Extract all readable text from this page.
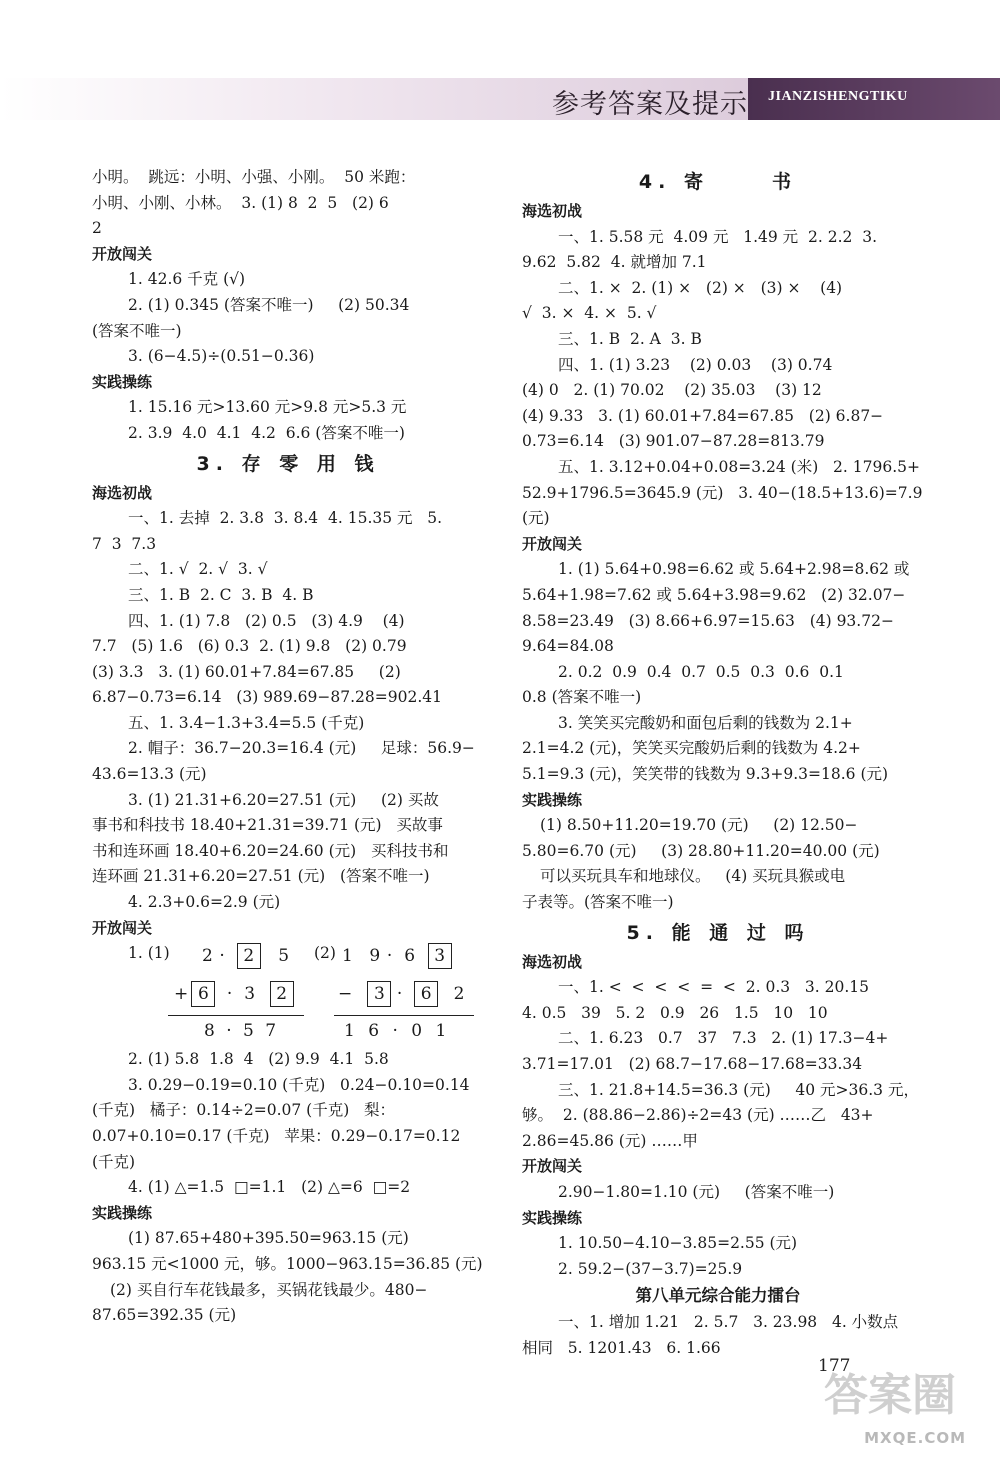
参考答案及提示 JIANZISHENGTIKU

小明。  跳远：小明、小强、小刚。  50 米跑：

小明、小刚、小林。  3. (1) 8  2  5   (2) 6

2

开放闯关

1. 42.6 千克 (√)

2. (1) 0.345 (答案不唯一)     (2) 50.34

(答案不唯一)

3. (6−4.5)÷(0.51−0.36)

实践操练

1. 15.16 元>13.60 元>9.8 元>5.3 元

2. 3.9  4.0  4.1  4.2  6.6 (答案不唯一)

3. 存 零 用 钱

海选初战

一、1. 去掉  2. 3.8  3. 8.4  4. 15.35 元   5.

7  3  7.3

二、1. √  2. √  3. √

三、1. B  2. C  3. B  4. B

四、1. (1) 7.8   (2) 0.5   (3) 4.9    (4)

7.7   (5) 1.6   (6) 0.3  2. (1) 9.8   (2) 0.79

(3) 3.3   3. (1) 60.01+7.84=67.85     (2)

6.87−0.73=6.14   (3) 989.69−87.28=902.41

五、1. 3.4−1.3+3.4=5.5 (千克)

2. 帽子：36.7−20.3=16.4 (元)     足球：56.9−

43.6=13.3 (元)

3. (1) 21.31+6.20=27.51 (元)     (2) 买故

事书和科技书 18.40+21.31=39.71 (元)   买故事

书和连环画 18.40+6.20=24.60 (元)   买科技书和

连环画 21.31+6.20=27.51 (元)   (答案不唯一)

4. 2.3+0.6=2.9 (元)

开放闯关

1. (1) 2 · 2 5
+ 6 · 3 2
8 · 5 7
(2) 1 9 · 6 3
− 3 · 6 2
1 6 · 0 1

2. (1) 5.8  1.8  4   (2) 9.9  4.1  5.8

3. 0.29−0.19=0.10 (千克)   0.24−0.10=0.14

(千克)   橘子：0.14÷2=0.07 (千克)   梨：

0.07+0.10=0.17 (千克)   苹果：0.29−0.17=0.12

(千克)

4. (1) △=1.5  □=1.1   (2) △=6  □=2

实践操练

(1) 87.65+480+395.50=963.15 (元)

963.15 元<1000 元，够。1000−963.15=36.85 (元)

(2) 买自行车花钱最多，买锅花钱最少。480−

87.65=392.35 (元)

4. 寄     书

海选初战

一、1. 5.58 元  4.09 元   1.49 元  2. 2.2  3.

9.62  5.82  4. 就增加 7.1

二、1. ×  2. (1) ×   (2) ×   (3) ×    (4)

√  3. ×  4. ×  5. √

三、1. B  2. A  3. B

四、1. (1) 3.23    (2) 0.03    (3) 0.74

(4) 0   2. (1) 70.02    (2) 35.03    (3) 12

(4) 9.33   3. (1) 60.01+7.84=67.85   (2) 6.87−

0.73=6.14   (3) 901.07−87.28=813.79

五、1. 3.12+0.04+0.08=3.24 (米)   2. 1796.5+

52.9+1796.5=3645.9 (元)   3. 40−(18.5+13.6)=7.9

(元)

开放闯关

1. (1) 5.64+0.98=6.62 或 5.64+2.98=8.62 或

5.64+1.98=7.62 或 5.64+3.98=9.62   (2) 32.07−

8.58=23.49   (3) 8.66+6.97=15.63   (4) 93.72−

9.64=84.08

2. 0.2  0.9  0.4  0.7  0.5  0.3  0.6  0.1

0.8 (答案不唯一)

3. 笑笑买完酸奶和面包后剩的钱数为 2.1+

2.1=4.2 (元)，笑笑买完酸奶后剩的钱数为 4.2+

5.1=9.3 (元)，笑笑带的钱数为 9.3+9.3=18.6 (元)

实践操练

(1) 8.50+11.20=19.70 (元)     (2) 12.50−

5.80=6.70 (元)     (3) 28.80+11.20=40.00 (元)

可以买玩具车和地球仪。   (4) 买玩具猴或电

子表等。(答案不唯一)

5. 能 通 过 吗

海选初战

一、1. <  <  <  <  =  <  2. 0.3   3. 20.15

4. 0.5   39   5. 2   0.9   26   1.5   10   10

二、1. 6.23   0.7   37   7.3   2. (1) 17.3−4+

3.71=17.01   (2) 68.7−17.68−17.68=33.34

三、1. 21.8+14.5=36.3 (元)     40 元>36.3 元，

够。  2. (88.86−2.86)÷2=43 (元) ……乙   43+

2.86=45.86 (元) ……甲

开放闯关

2.90−1.80=1.10 (元)     (答案不唯一)

实践操练

1. 10.50−4.10−3.85=2.55 (元)

2. 59.2−(37−3.7)=25.9

第八单元综合能力擂台

一、1. 增加 1.21   2. 5.7   3. 23.98   4. 小数点

相同   5. 1201.43   6. 1.66

177
答案圈
MXQE.COM
